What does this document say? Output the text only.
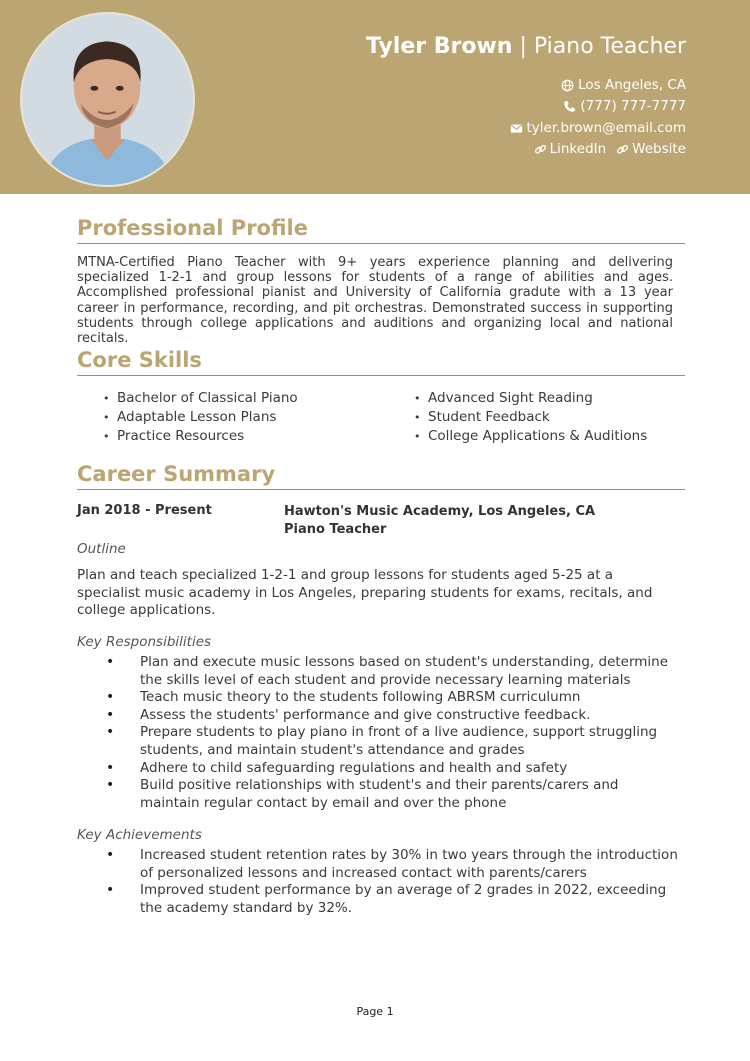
Tyler Brown | Piano Teacher
Los Angeles, CA
(777) 777-7777
tyler.brown@email.com
LinkedIn Website
Professional Profile

MTNA-Certified Piano Teacher with 9+ years experience planning and delivering specialized 1-2-1 and group lessons for students of a range of abilities and ages. Accomplished professional pianist and University of California gradute with a 13 year career in performance, recording, and pit orchestras. Demonstrated success in supporting students through college applications and auditions and organizing local and national recitals.

Core Skills
• Bachelor of Classical Piano
• Adaptable Lesson Plans
• Practice Resources
• Advanced Sight Reading
• Student Feedback
• College Applications & Auditions
Career Summary
Jan 2018 - Present	Hawton's Music Academy, Los Angeles, CA
Piano Teacher
Outline

Plan and teach specialized 1-2-1 and group lessons for students aged 5-25 at a specialist music academy in Los Angeles, preparing students for exams, recitals, and college applications.

Key Responsibilities
• Plan and execute music lessons based on student's understanding, determine the skills level of each student and provide necessary learning materials
• Teach music theory to the students following ABRSM curriculumn
• Assess the students' performance and give constructive feedback.
• Prepare students to play piano in front of a live audience, support struggling students, and maintain student's attendance and grades
• Adhere to child safeguarding regulations and health and safety
• Build positive relationships with student's and their parents/carers and maintain regular contact by email and over the phone
Key Achievements
• Increased student retention rates by 30% in two years through the introduction of personalized lessons and increased contact with parents/carers
• Improved student performance by an average of 2 grades in 2022, exceeding the academy standard by 32%.
Page 1
